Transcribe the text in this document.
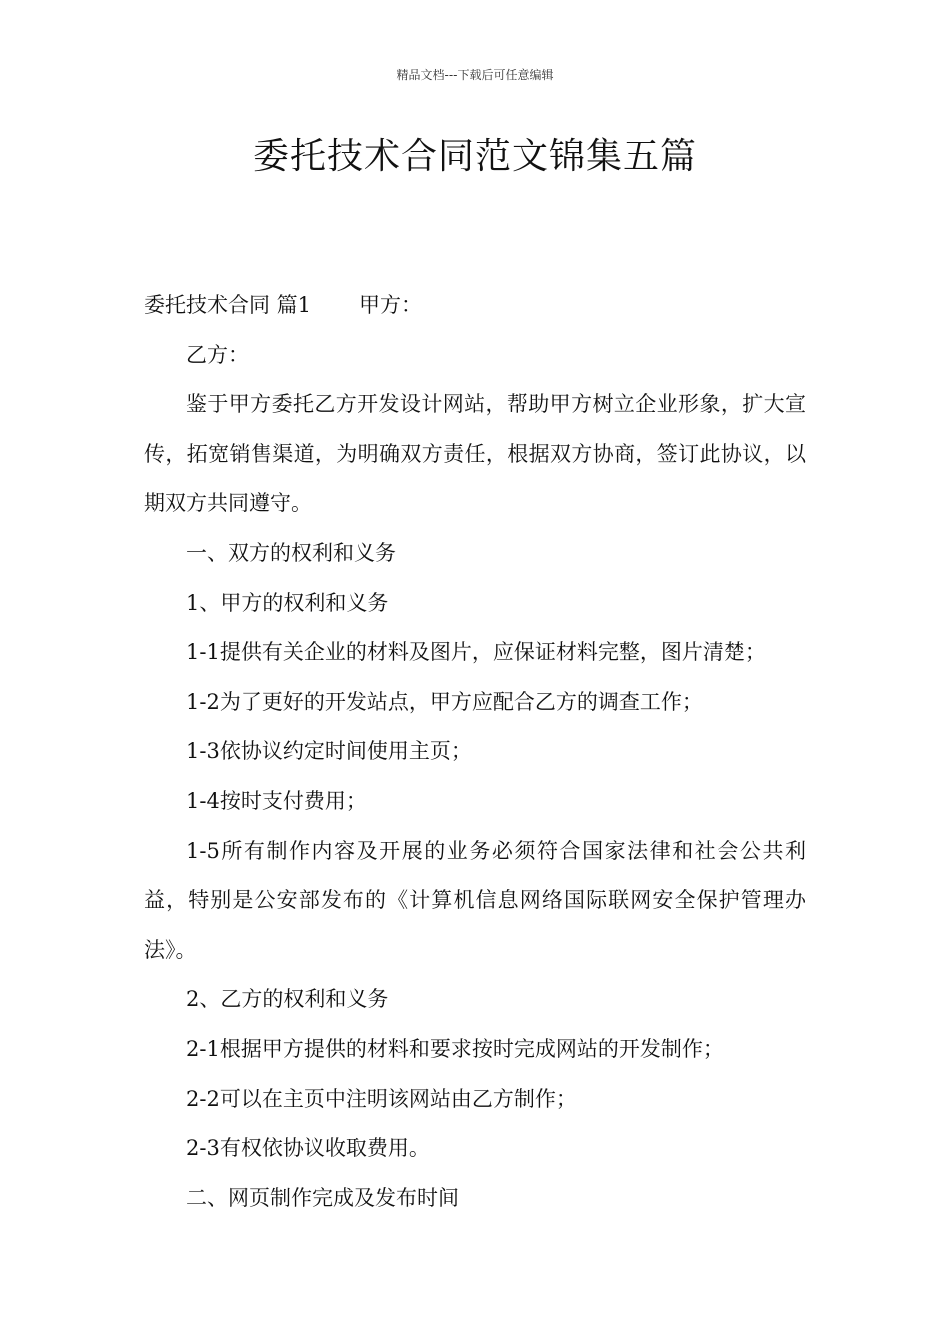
精品文档---下载后可任意编辑
委托技术合同范文锦集五篇

委托技术合同 篇1 甲方：

乙方：

鉴于甲方委托乙方开发设计网站，帮助甲方树立企业形象，扩大宣传，拓宽销售渠道，为明确双方责任，根据双方协商，签订此协议，以期双方共同遵守。

一、双方的权利和义务

1、甲方的权利和义务

1-1提供有关企业的材料及图片，应保证材料完整，图片清楚；

1-2为了更好的开发站点，甲方应配合乙方的调查工作；

1-3依协议约定时间使用主页；

1-4按时支付费用；

1-5所有制作内容及开展的业务必须符合国家法律和社会公共利益，特别是公安部发布的《计算机信息网络国际联网安全保护管理办法》。

2、乙方的权利和义务

2-1根据甲方提供的材料和要求按时完成网站的开发制作；

2-2可以在主页中注明该网站由乙方制作；

2-3有权依协议收取费用。

二、网页制作完成及发布时间
